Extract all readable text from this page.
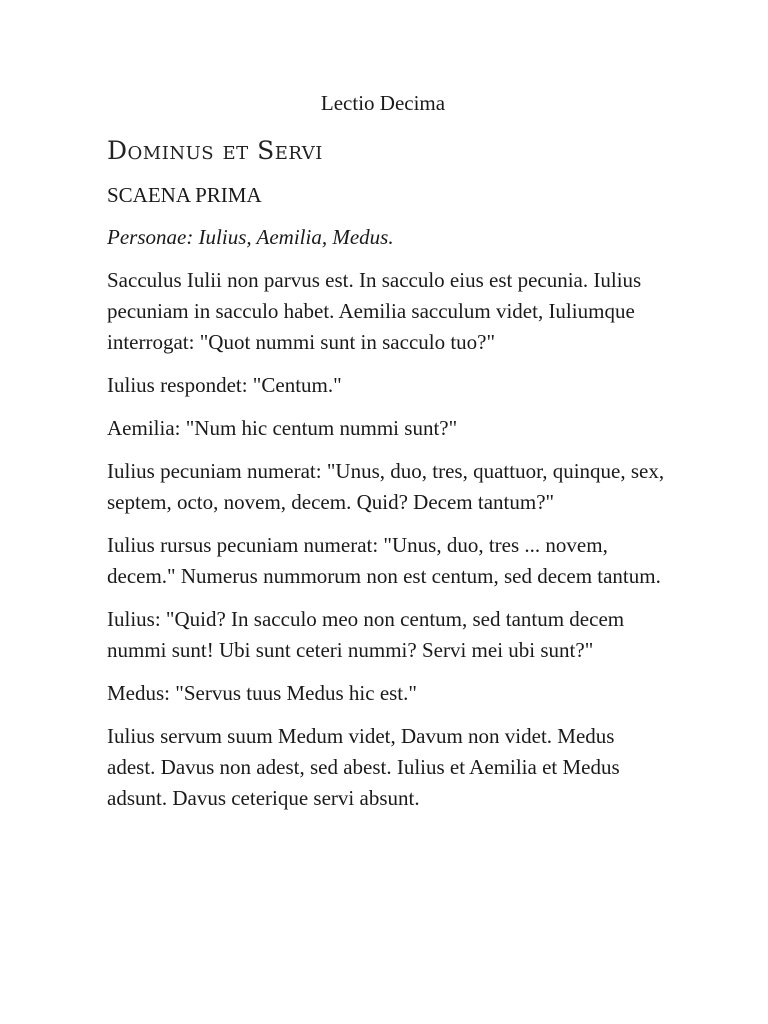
Lectio Decima
Dominus et Servi
SCAENA PRIMA
Personae: Iulius, Aemilia, Medus.

Sacculus Iulii non parvus est. In sacculo eius est pecunia. Iulius pecuniam in sacculo habet. Aemilia sacculum videt, Iuliumque interrogat: "Quot nummi sunt in sacculo tuo?"

Iulius respondet: "Centum."

Aemilia: "Num hic centum nummi sunt?"

Iulius pecuniam numerat: "Unus, duo, tres, quattuor, quinque, sex, septem, octo, novem, decem. Quid? Decem tantum?"

Iulius rursus pecuniam numerat: "Unus, duo, tres ... novem, decem." Numerus nummorum non est centum, sed decem tantum.

Iulius: "Quid? In sacculo meo non centum, sed tantum decem nummi sunt! Ubi sunt ceteri nummi? Servi mei ubi sunt?"

Medus: "Servus tuus Medus hic est."

Iulius servum suum Medum videt, Davum non videt. Medus adest. Davus non adest, sed abest. Iulius et Aemilia et Medus adsunt. Davus ceterique servi absunt.
